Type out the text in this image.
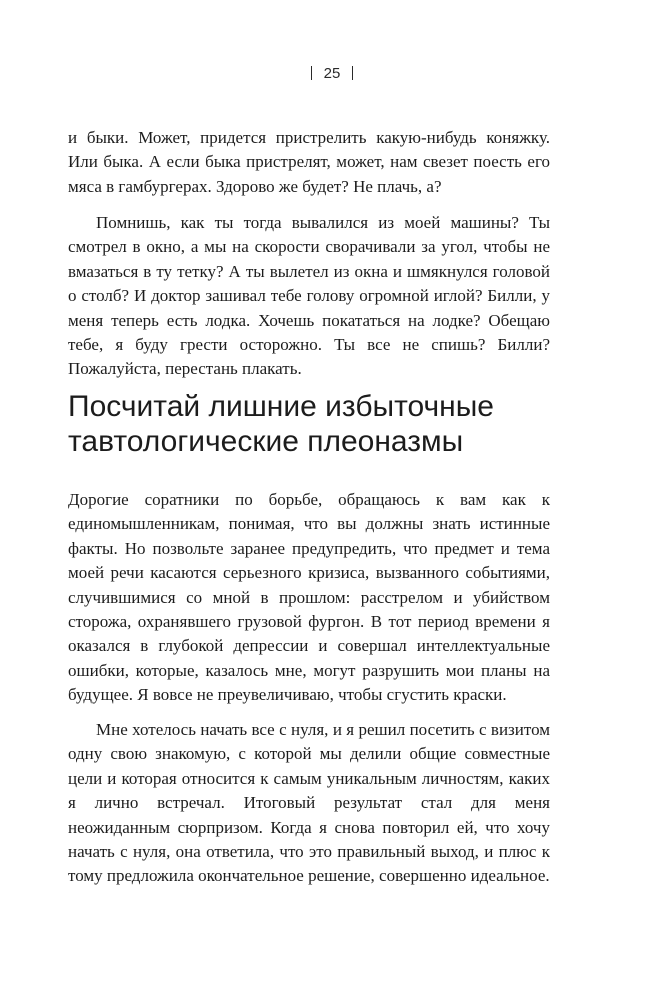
25

и быки. Может, придется пристрелить какую-нибудь коняжку. Или быка. А если быка пристрелят, может, нам свезет поесть его мяса в гамбургерах. Здорово же будет? Не плачь, а?

Помнишь, как ты тогда вывалился из моей машины? Ты смотрел в окно, а мы на скорости сворачивали за угол, чтобы не вмазаться в ту тетку? А ты вылетел из окна и шмякнулся головой о столб? И доктор зашивал тебе голову огромной иглой? Билли, у меня теперь есть лодка. Хочешь покататься на лодке? Обещаю тебе, я буду грести осторожно. Ты все не спишь? Билли? Пожалуйста, перестань плакать.

Посчитай лишние избыточные тавтологические плеоназмы

Дорогие соратники по борьбе, обращаюсь к вам как к единомышленникам, понимая, что вы должны знать истинные факты. Но позвольте заранее предупредить, что предмет и тема моей речи касаются серьезного кризиса, вызванного событиями, случившимися со мной в прошлом: расстрелом и убийством сторожа, охранявшего грузовой фургон. В тот период времени я оказался в глубокой депрессии и совершал интеллектуальные ошибки, которые, казалось мне, могут разрушить мои планы на будущее. Я вовсе не преувеличиваю, чтобы сгустить краски.

Мне хотелось начать все с нуля, и я решил посетить с визитом одну свою знакомую, с которой мы делили общие совместные цели и которая относится к самым уникальным личностям, каких я лично встречал. Итоговый результат стал для меня неожиданным сюрпризом. Когда я снова повторил ей, что хочу начать с нуля, она ответила, что это правильный выход, и плюс к тому предложила окончательное решение, совершенно идеальное.
